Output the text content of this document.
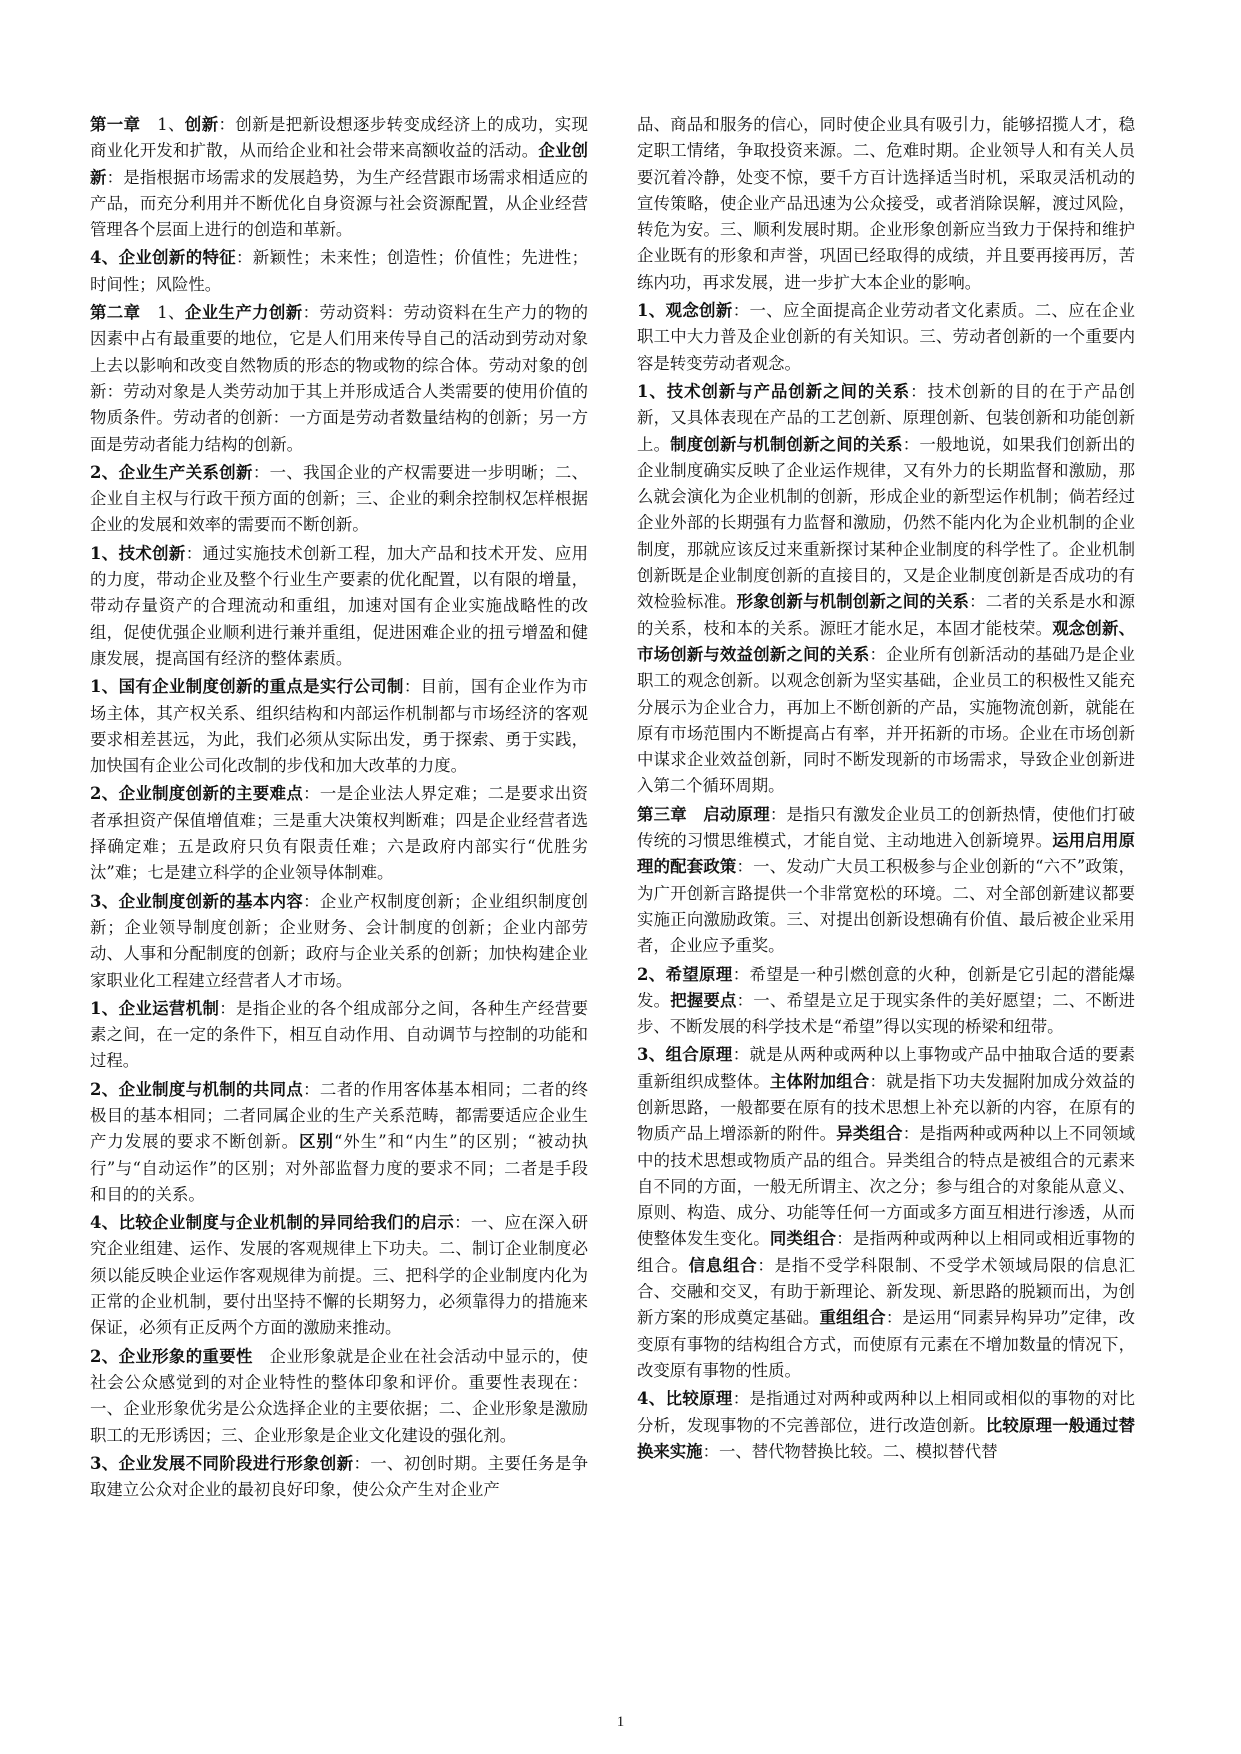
第一章　1、创新：创新是把新设想逐步转变成经济上的成功，实现商业化开发和扩散，从而给企业和社会带来高额收益的活动。企业创新：是指根据市场需求的发展趋势，为生产经营跟市场需求相适应的产品，而充分利用并不断优化自身资源与社会资源配置，从企业经营管理各个层面上进行的创造和革新。

4、企业创新的特征：新颖性；未来性；创造性；价值性；先进性；时间性；风险性。

第二章　1、企业生产力创新：劳动资料：劳动资料在生产力的物的因素中占有最重要的地位，它是人们用来传导自己的活动到劳动对象上去以影响和改变自然物质的形态的物或物的综合体。劳动对象的创新：劳动对象是人类劳动加于其上并形成适合人类需要的使用价值的物质条件。劳动者的创新：一方面是劳动者数量结构的创新；另一方面是劳动者能力结构的创新。

2、企业生产关系创新：一、我国企业的产权需要进一步明晰；二、企业自主权与行政干预方面的创新；三、企业的剩余控制权怎样根据企业的发展和效率的需要而不断创新。

1、技术创新：通过实施技术创新工程，加大产品和技术开发、应用的力度，带动企业及整个行业生产要素的优化配置，以有限的增量，带动存量资产的合理流动和重组，加速对国有企业实施战略性的改组，促使优强企业顺利进行兼并重组，促进困难企业的扭亏增盈和健康发展，提高国有经济的整体素质。

1、国有企业制度创新的重点是实行公司制：目前，国有企业作为市场主体，其产权关系、组织结构和内部运作机制都与市场经济的客观要求相差甚远，为此，我们必须从实际出发，勇于探索、勇于实践，加快国有企业公司化改制的步伐和加大改革的力度。

2、企业制度创新的主要难点：一是企业法人界定难；二是要求出资者承担资产保值增值难；三是重大决策权判断难；四是企业经营者选择确定难；五是政府只负有限责任难；六是政府内部实行“优胜劣汰”难；七是建立科学的企业领导体制难。

3、企业制度创新的基本内容：企业产权制度创新；企业组织制度创新；企业领导制度创新；企业财务、会计制度的创新；企业内部劳动、人事和分配制度的创新；政府与企业关系的创新；加快构建企业家职业化工程建立经营者人才市场。

1、企业运营机制：是指企业的各个组成部分之间，各种生产经营要素之间，在一定的条件下，相互自动作用、自动调节与控制的功能和过程。

2、企业制度与机制的共同点：二者的作用客体基本相同；二者的终极目的基本相同；二者同属企业的生产关系范畴，都需要适应企业生产力发展的要求不断创新。区别“外生”和“内生”的区别；“被动执行”与“自动运作”的区别；对外部监督力度的要求不同；二者是手段和目的的关系。

4、比较企业制度与企业机制的异同给我们的启示：一、应在深入研究企业组建、运作、发展的客观规律上下功夫。二、制订企业制度必须以能反映企业运作客观规律为前提。三、把科学的企业制度内化为正常的企业机制，要付出坚持不懈的长期努力，必须靠得力的措施来保证，必须有正反两个方面的激励来推动。

2、企业形象的重要性　企业形象就是企业在社会活动中显示的，使社会公众感觉到的对企业特性的整体印象和评价。重要性表现在：一、企业形象优劣是公众选择企业的主要依据；二、企业形象是激励职工的无形诱因；三、企业形象是企业文化建设的强化剂。

3、企业发展不同阶段进行形象创新：一、初创时期。主要任务是争取建立公众对企业的最初良好印象，使公众产生对企业产

品、商品和服务的信心，同时使企业具有吸引力，能够招揽人才，稳定职工情绪，争取投资来源。二、危难时期。企业领导人和有关人员要沉着冷静，处变不惊，要千方百计选择适当时机，采取灵活机动的宣传策略，使企业产品迅速为公众接受，或者消除误解，渡过风险，转危为安。三、顺利发展时期。企业形象创新应当致力于保持和维护企业既有的形象和声誉，巩固已经取得的成绩，并且要再接再厉，苦练内功，再求发展，进一步扩大本企业的影响。

1、观念创新：一、应全面提高企业劳动者文化素质。二、应在企业职工中大力普及企业创新的有关知识。三、劳动者创新的一个重要内容是转变劳动者观念。

1、技术创新与产品创新之间的关系：技术创新的目的在于产品创新，又具体表现在产品的工艺创新、原理创新、包装创新和功能创新上。制度创新与机制创新之间的关系：一般地说，如果我们创新出的企业制度确实反映了企业运作规律，又有外力的长期监督和激励，那么就会演化为企业机制的创新，形成企业的新型运作机制；倘若经过企业外部的长期强有力监督和激励，仍然不能内化为企业机制的企业制度，那就应该反过来重新探讨某种企业制度的科学性了。企业机制创新既是企业制度创新的直接目的，又是企业制度创新是否成功的有效检验标准。形象创新与机制创新之间的关系：二者的关系是水和源的关系，枝和本的关系。源旺才能水足，本固才能枝荣。观念创新、市场创新与效益创新之间的关系：企业所有创新活动的基础乃是企业职工的观念创新。以观念创新为坚实基础，企业员工的积极性又能充分展示为企业合力，再加上不断创新的产品，实施物流创新，就能在原有市场范围内不断提高占有率，并开拓新的市场。企业在市场创新中谋求企业效益创新，同时不断发现新的市场需求，导致企业创新进入第二个循环周期。

第三章　启动原理：是指只有激发企业员工的创新热情，使他们打破传统的习惯思维模式，才能自觉、主动地进入创新境界。运用启用原理的配套政策：一、发动广大员工积极参与企业创新的“六不”政策，为广开创新言路提供一个非常宽松的环境。二、对全部创新建议都要实施正向激励政策。三、对提出创新设想确有价值、最后被企业采用者，企业应予重奖。

2、希望原理：希望是一种引燃创意的火种，创新是它引起的潜能爆发。把握要点：一、希望是立足于现实条件的美好愿望；二、不断进步、不断发展的科学技术是“希望”得以实现的桥梁和纽带。

3、组合原理：就是从两种或两种以上事物或产品中抽取合适的要素重新组织成整体。主体附加组合：就是指下功夫发掘附加成分效益的创新思路，一般都要在原有的技术思想上补充以新的内容，在原有的物质产品上增添新的附件。异类组合：是指两种或两种以上不同领域中的技术思想或物质产品的组合。异类组合的特点是被组合的元素来自不同的方面，一般无所谓主、次之分；参与组合的对象能从意义、原则、构造、成分、功能等任何一方面或多方面互相进行渗透，从而使整体发生变化。同类组合：是指两种或两种以上相同或相近事物的组合。信息组合：是指不受学科限制、不受学术领域局限的信息汇合、交融和交叉，有助于新理论、新发现、新思路的脱颖而出，为创新方案的形成奠定基础。重组组合：是运用“同素异构异功”定律，改变原有事物的结构组合方式，而使原有元素在不增加数量的情况下，改变原有事物的性质。

4、比较原理：是指通过对两种或两种以上相同或相似的事物的对比分析，发现事物的不完善部位，进行改造创新。比较原理一般通过替换来实施：一、替代物替换比较。二、模拟替代替

1
